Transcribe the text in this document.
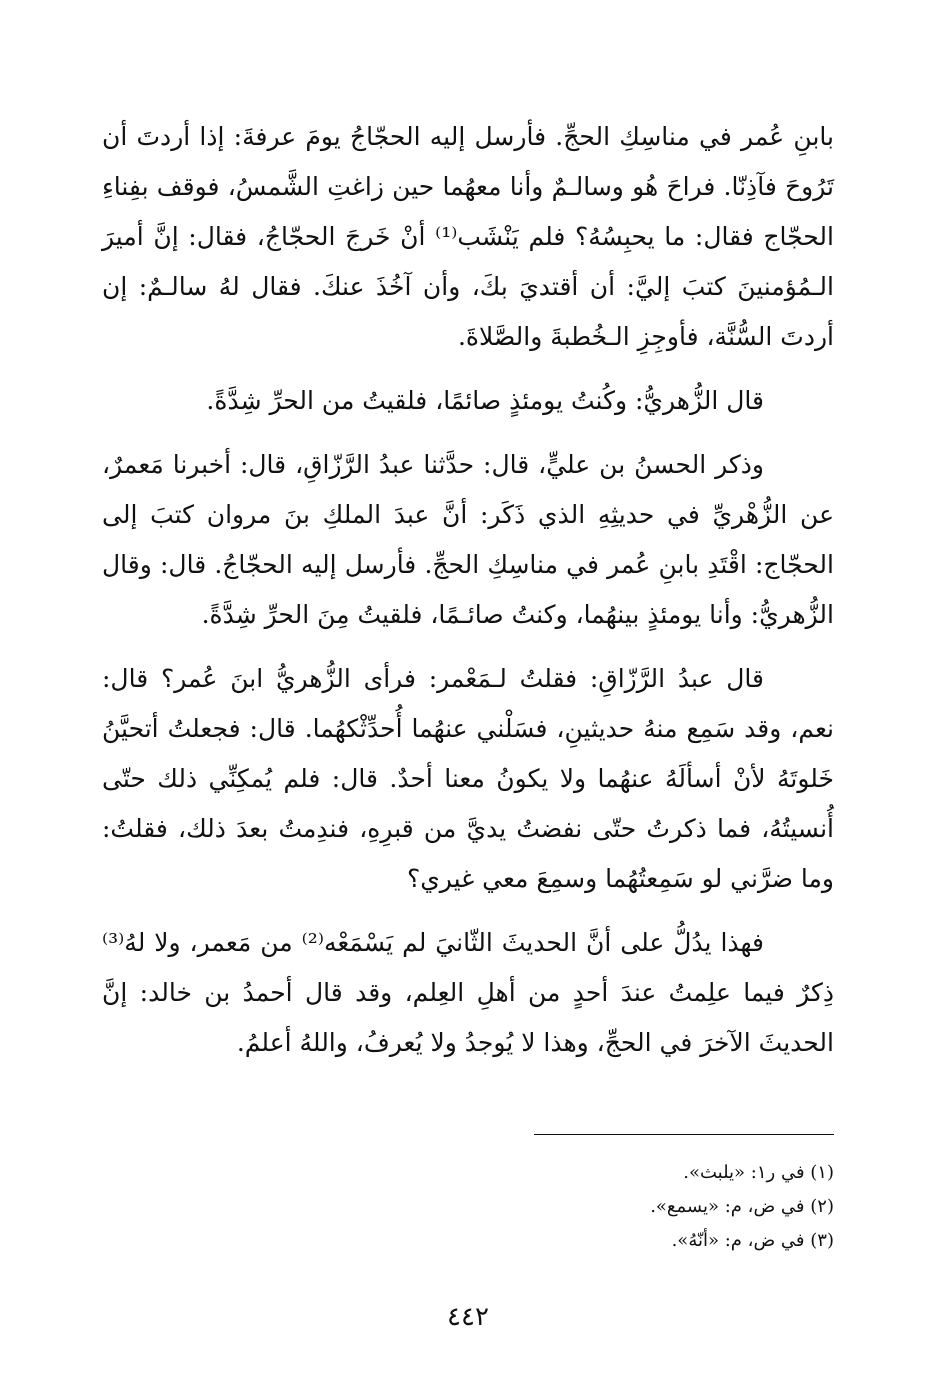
بابنِ عُمر في مناسِكِ الحجِّ. فأرسل إليه الحجّاجُ يومَ عرفةَ: إذا أردتَ أن تَرُوحَ فآذِنّا. فراحَ هُو وسالـمٌ وأنا معهُما حين زاغتِ الشَّمسُ، فوقف بفِناءِ الحجّاج فقال: ما يحبِسُهُ؟ فلم يَنْشَب⁽¹⁾ أنْ خَرجَ الحجّاجُ، فقال: إنَّ أميرَ الـمُؤمنينَ كتبَ إليَّ: أن أقتديَ بكَ، وأن آخُذَ عنكَ. فقال لهُ سالـمٌ: إن أردتَ السُّنَّة، فأوجِزِ الـخُطبةَ والصَّلاةَ.

قال الزُّهريُّ: وكُنتُ يومئذٍ صائمًا، فلقيتُ من الحرِّ شِدَّةً.

وذكر الحسنُ بن عليٍّ، قال: حدَّثنا عبدُ الرَّزّاقِ، قال: أخبرنا مَعمرٌ، عن الزُّهْريِّ في حديثِهِ الذي ذَكَر: أنَّ عبدَ الملكِ بنَ مروان كتبَ إلى الحجّاج: اقْتَدِ بابنِ عُمر في مناسِكِ الحجِّ. فأرسل إليه الحجّاجُ. قال: وقال الزُّهريُّ: وأنا يومئذٍ بينهُما، وكنتُ صائـمًا، فلقيتُ مِنَ الحرِّ شِدَّةً.

قال عبدُ الرَّزّاقِ: فقلتُ لـمَعْمر: فرأى الزُّهريُّ ابنَ عُمر؟ قال: نعم، وقد سَمِع منهُ حديثينِ، فسَلْني عنهُما أُحدِّثْكهُما. قال: فجعلتُ أتحيَّنُ خَلوتَهُ لأنْ أسألَهُ عنهُما ولا يكونُ معنا أحدٌ. قال: فلم يُمكِنِّي ذلك حتّى أُنسيتُهُ، فما ذكرتُ حتّى نفضتُ يديَّ من قبرِهِ، فندِمتُ بعدَ ذلك، فقلتُ: وما ضرَّني لو سَمِعتُهُما وسمِعَ معي غيري؟

فهذا يدُلُّ على أنَّ الحديثَ الثّانيَ لم يَسْمَعْه⁽²⁾ من مَعمر، ولا لهُ⁽³⁾ ذِكرٌ فيما علِمتُ عندَ أحدٍ من أهلِ العِلم، وقد قال أحمدُ بن خالد: إنَّ الحديثَ الآخرَ في الحجِّ، وهذا لا يُوجدُ ولا يُعرفُ، واللهُ أعلمُ.

(١) في ر١: «يلبث».
(٢) في ض، م: «يسمع».
(٣) في ض، م: «أنّهُ».
٤٤٢
